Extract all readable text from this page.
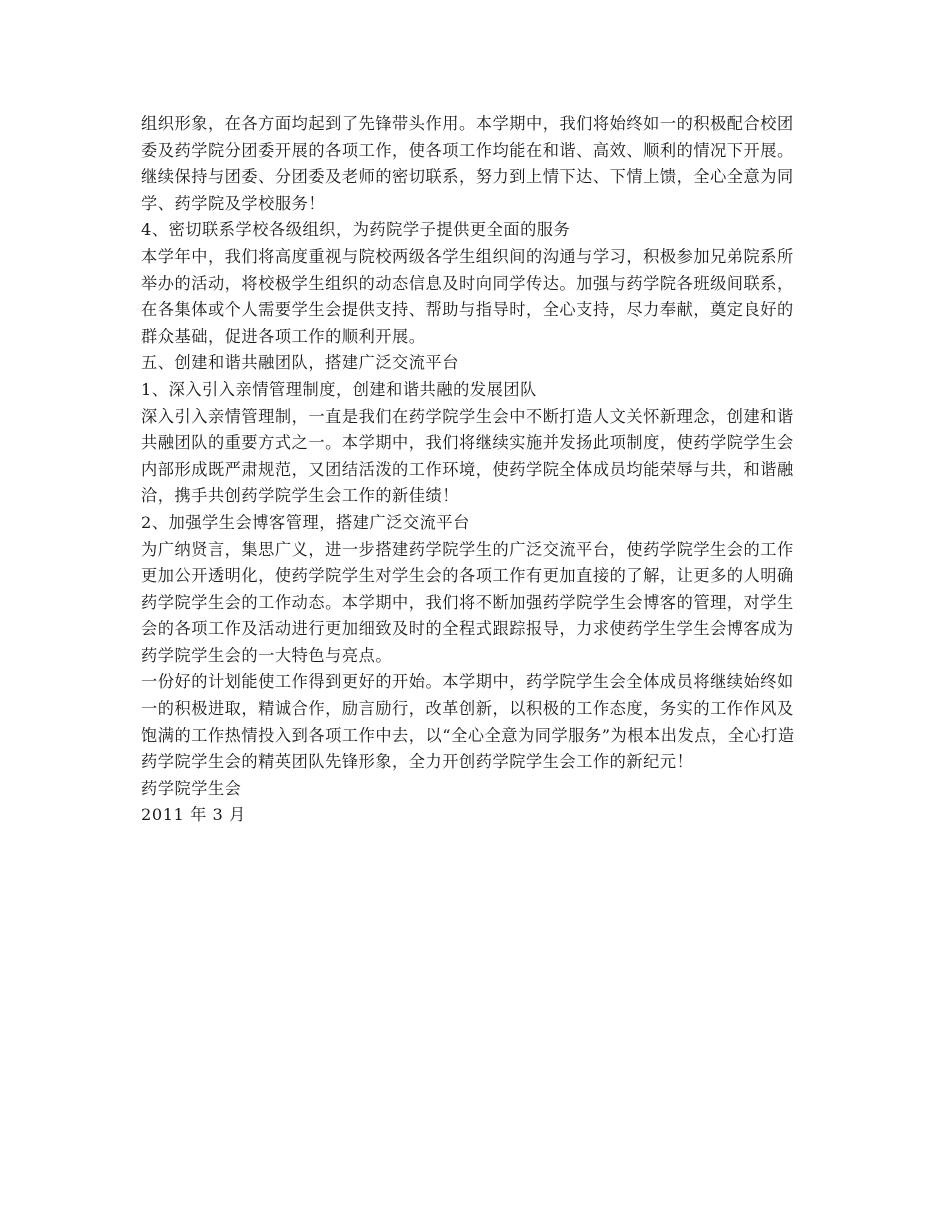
组织形象，在各方面均起到了先锋带头作用。本学期中，我们将始终如一的积极配合校团
委及药学院分团委开展的各项工作，使各项工作均能在和谐、高效、顺利的情况下开展。
继续保持与团委、分团委及老师的密切联系，努力到上情下达、下情上馈，全心全意为同
学、药学院及学校服务！
4、密切联系学校各级组织，为药院学子提供更全面的服务
本学年中，我们将高度重视与院校两级各学生组织间的沟通与学习，积极参加兄弟院系所
举办的活动，将校极学生组织的动态信息及时向同学传达。加强与药学院各班级间联系，
在各集体或个人需要学生会提供支持、帮助与指导时，全心支持，尽力奉献，奠定良好的
群众基础，促进各项工作的顺利开展。
五、创建和谐共融团队，搭建广泛交流平台
1、深入引入亲情管理制度，创建和谐共融的发展团队
深入引入亲情管理制，一直是我们在药学院学生会中不断打造人文关怀新理念，创建和谐
共融团队的重要方式之一。本学期中，我们将继续实施并发扬此项制度，使药学院学生会
内部形成既严肃规范，又团结活泼的工作环境，使药学院全体成员均能荣辱与共，和谐融
洽，携手共创药学院学生会工作的新佳绩！
2、加强学生会博客管理，搭建广泛交流平台
为广纳贤言，集思广义，进一步搭建药学院学生的广泛交流平台，使药学院学生会的工作
更加公开透明化，使药学院学生对学生会的各项工作有更加直接的了解，让更多的人明确
药学院学生会的工作动态。本学期中，我们将不断加强药学院学生会博客的管理，对学生
会的各项工作及活动进行更加细致及时的全程式跟踪报导，力求使药学生学生会博客成为
药学院学生会的一大特色与亮点。
一份好的计划能使工作得到更好的开始。本学期中，药学院学生会全体成员将继续始终如
一的积极进取，精诚合作，励言励行，改革创新，以积极的工作态度，务实的工作作风及
饱满的工作热情投入到各项工作中去，以“全心全意为同学服务”为根本出发点，全心打造
药学院学生会的精英团队先锋形象，全力开创药学院学生会工作的新纪元！
药学院学生会
2011 年 3 月
